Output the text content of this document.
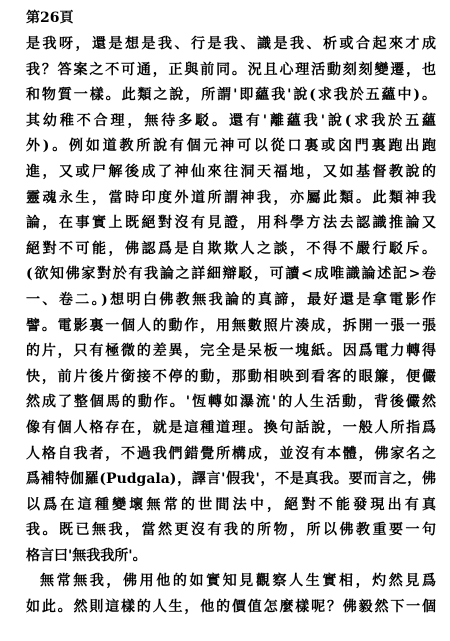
第26頁
是我呀，還是想是我、行是我、識是我、析或合起來才成
我？答案之不可通，正與前同。況且心理活動刻刻變遷，也
和物質一樣。此類之說，所謂'即蘊我'說(求我於五蘊中)。
其幼稚不合理，無待多駁。還有'離蘊我'說(求我於五蘊
外)。例如道教所說有個元神可以從口裏或囟門裏跑出跑
進，又或尸解後成了神仙來往洞天福地，又如基督教說的
靈魂永生，當時印度外道所謂神我，亦屬此類。此類神我
論，在事實上既絕對沒有見證，用科學方法去認識推論又
絕對不可能，佛認爲是自欺欺人之談，不得不嚴行駁斥。
(欲知佛家對於有我論之詳細辯駁，可讀<成唯識論述記>卷
一、卷二。)想明白佛教無我論的真諦，最好還是拿電影作
譬。電影裏一個人的動作，用無數照片湊成，拆開一張一張
的片，只有極微的差異，完全是呆板一塊紙。因爲電力轉得
快，前片後片銜接不停的動，那動相映到看客的眼簾，便儼
然成了整個馬的動作。'恆轉如瀑流'的人生活動，背後儼然
像有個人格存在，就是這種道理。換句話說，一般人所指爲
人格自我者，不過我們錯覺所構成，並沒有本體，佛家名之
爲補特伽羅(Pudgala)，譯言'假我'，不是真我。要而言之，佛
以爲在這種變壞無常的世間法中，絕對不能發現出有真
我。既已無我，當然更沒有我的所物，所以佛教重要一句
格言曰'無我我所'。
無常無我，佛用他的如實知見觀察人生實相，灼然見爲
如此。然則這樣的人生，他的價值怎麼樣呢？佛毅然下一個
